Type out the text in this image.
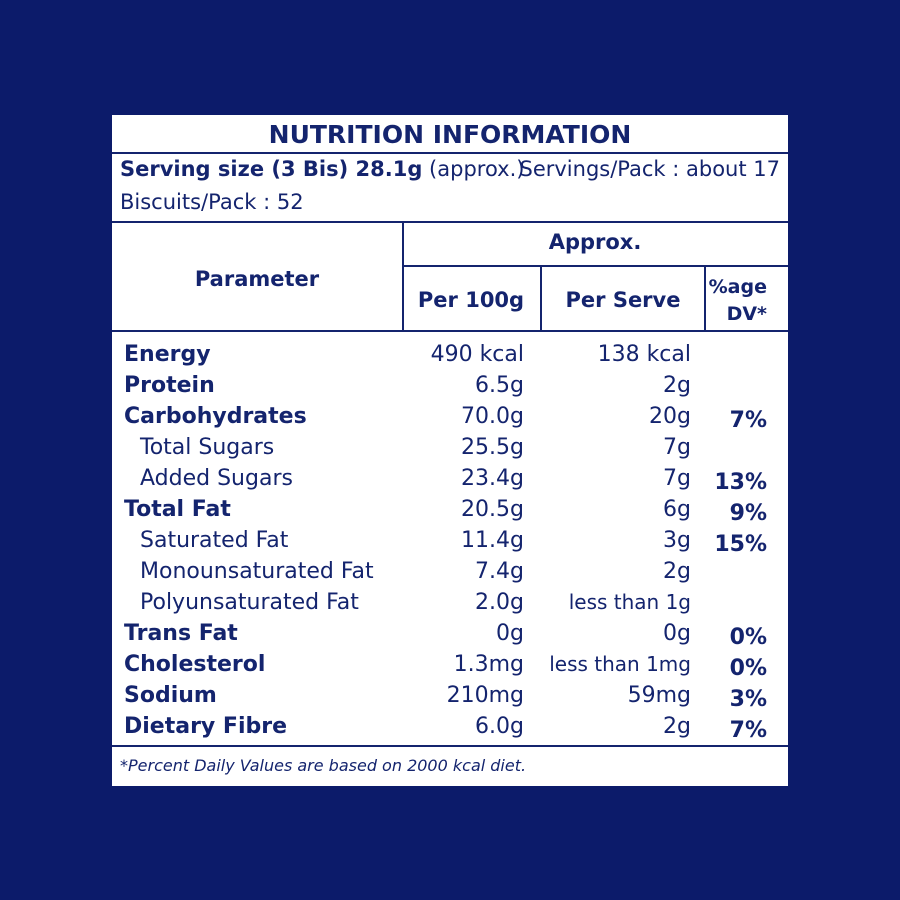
NUTRITION INFORMATION
Serving size (3 Bis) 28.1g (approx.)
Servings/Pack : about 17
Biscuits/Pack : 52
Parameter
Approx.
Per 100g	Per Serve
%age
DV*
Energy	490 kcal	138 kcal
Protein	6.5g	2g
Carbohydrates	70.0g	20g 7%
Total Sugars	25.5g	7g
Added Sugars	23.4g	7g 13%
Total Fat	20.5g	6g 9%
Saturated Fat	11.4g	3g 15%
Monounsaturated Fat	7.4g	2g
Polyunsaturated Fat	2.0g less than 1g
Trans Fat	0g	0g 0%
Cholesterol	1.3mg less than 1mg 0%
Sodium	210mg	59mg 3%
Dietary Fibre	6.0g	2g 7%
*Percent Daily Values are based on 2000 kcal diet.
